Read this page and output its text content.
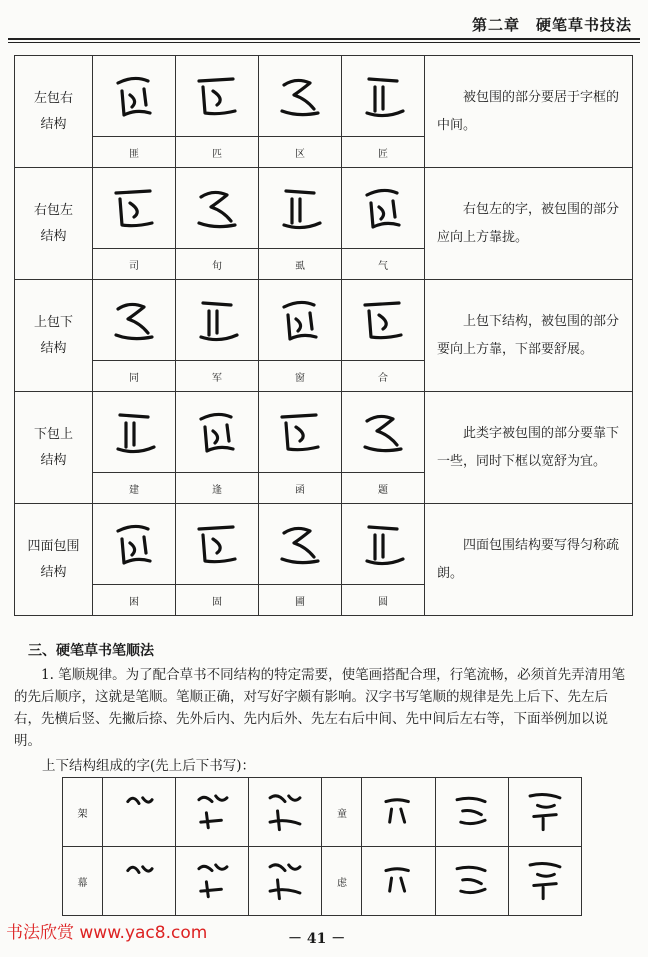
第二章　硬笔草书技法
左包右
结构					被包围的部分要居于字框的中间。
	匪	匹	区	匠	
右包左
结构					右包左的字，被包围的部分应向上方靠拢。
	司	旬	虱	气	
上包下
结构					上包下结构，被包围的部分要向上方靠，下部要舒展。
	同	军	窗	合	
下包上
结构					此类字被包围的部分要靠下一些，同时下框以宽舒为宜。
	建	逢	函	题	
四面包围
结构					四面包围结构要写得匀称疏朗。
	困	固	圃	圆	
三、硬笔草书笔顺法
1. 笔顺规律。为了配合草书不同结构的特定需要，使笔画搭配合理，行笔流畅，必须首先弄清用笔的先后顺序，这就是笔顺。笔顺正确，对写好字颇有影响。汉字书写笔顺的规律是先上后下、先左后右，先横后竖、先撇后捺、先外后内、先内后外、先左右后中间、先中间后左右等，下面举例加以说明。
上下结构组成的字(先上后下书写)：
架				童			
幕				虑			
书法欣赏 www.yac8.com	－ 41 －
